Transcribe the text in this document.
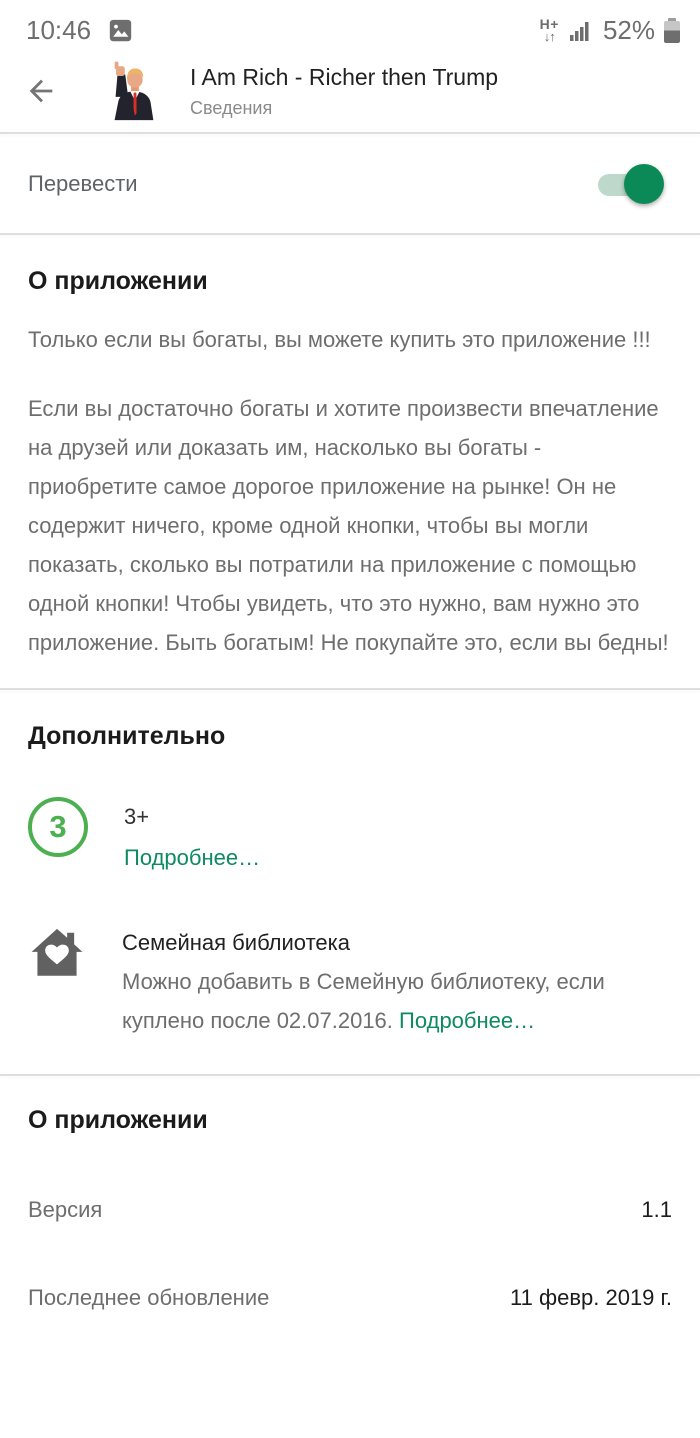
10:46	H+
↓↑ 52%
I Am Rich - Richer then Trump
Сведения
Перевести
О приложении

Только если вы богаты, вы можете купить это приложение !!!

Если вы достаточно богаты и хотите произвести впечатление на друзей или доказать им, насколько вы богаты - приобретите самое дорогое приложение на рынке! Он не содержит ничего, кроме одной кнопки, чтобы вы могли показать, сколько вы потратили на приложение с помощью одной кнопки! Чтобы увидеть, что это нужно, вам нужно это приложение. Быть богатым! Не покупайте это, если вы бедны!

Дополнительно
3	3+
Подробнее…
Семейная библиотека
Можно добавить в Семейную библиотеку, если куплено после 02.07.2016. Подробнее…
О приложении
Версия	1.1
Последнее обновление	11 февр. 2019 г.
